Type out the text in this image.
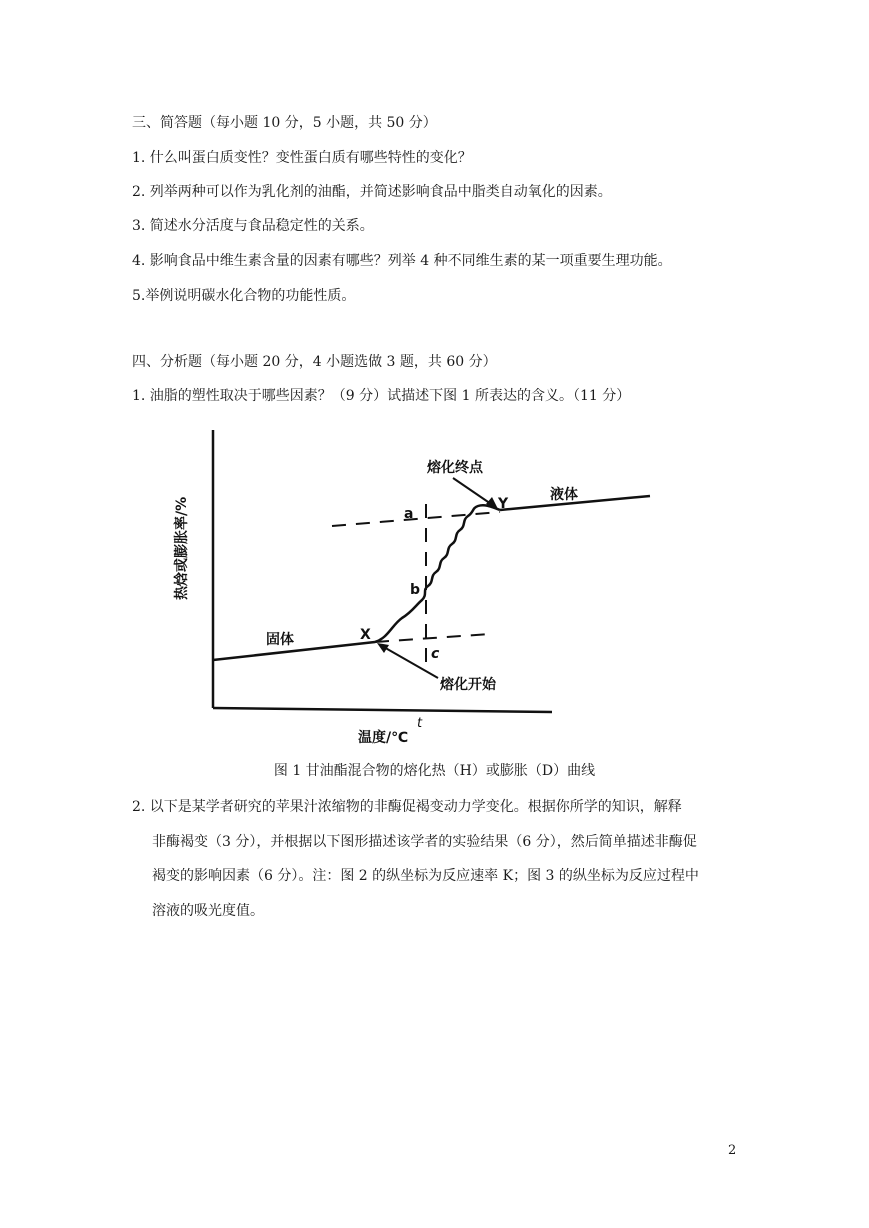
三、简答题（每小题 10 分，5 小题，共 50 分）
1. 什么叫蛋白质变性？变性蛋白质有哪些特性的变化？
2. 列举两种可以作为乳化剂的油酯，并简述影响食品中脂类自动氧化的因素。
3. 简述水分活度与食品稳定性的关系。
4. 影响食品中维生素含量的因素有哪些？列举 4 种不同维生素的某一项重要生理功能。
5.举例说明碳水化合物的功能性质。
四、分析题（每小题 20 分，4 小题选做 3 题，共 60 分）
1. 油脂的塑性取决于哪些因素？（9 分）试描述下图 1 所表达的含义。（11 分）
热焓或膨胀率/%
温度/℃
t
固体
液体
熔化终点
熔化开始
X
Y
a
b
c
图 1 甘油酯混合物的熔化热（H）或膨胀（D）曲线
2. 以下是某学者研究的苹果汁浓缩物的非酶促褐变动力学变化。根据你所学的知识，解释
非酶褐变（3 分），并根据以下图形描述该学者的实验结果（6 分），然后简单描述非酶促
褐变的影响因素（6 分）。注：图 2 的纵坐标为反应速率 K；图 3 的纵坐标为反应过程中
溶液的吸光度值。
2
